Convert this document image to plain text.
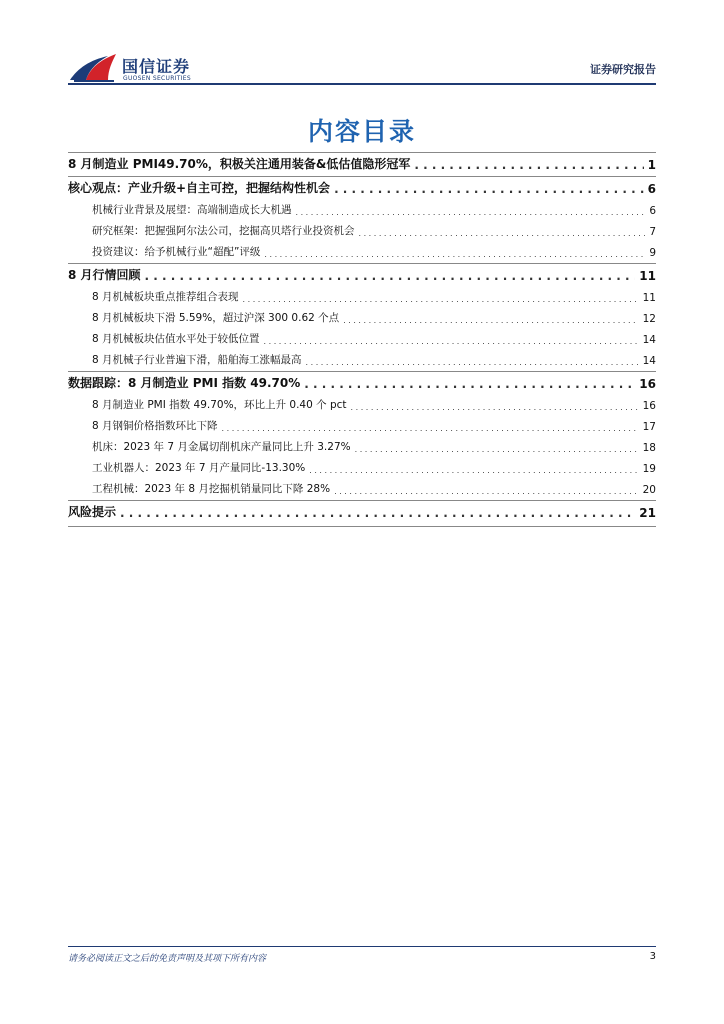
国信证券
GUOSEN SECURITIES
证券研究报告
内容目录
8 月制造业 PMI49.70%，积极关注通用装备&低估值隐形冠军 . . .	1
核心观点：产业升级+自主可控，把握结构性机会 . . .	6
机械行业背景及展望：高端制造成长大机遇 . . .	6
研究框架：把握强阿尔法公司，挖掘高贝塔行业投资机会 . . .	7
投资建议：给予机械行业“超配”评级 . . .	9
8 月行情回顾 . . .	11
8 月机械板块重点推荐组合表现 . . .	11
8 月机械板块下滑 5.59%，超过沪深 300 0.62 个点 . . .	12
8 月机械板块估值水平处于较低位置 . . .	14
8 月机械子行业普遍下滑，船舶海工涨幅最高 . . .	14
数据跟踪：8 月制造业 PMI 指数 49.70% . . .	16
8 月制造业 PMI 指数 49.70%，环比上升 0.40 个 pct . . .	16
8 月钢铜价格指数环比下降 . . .	17
机床：2023 年 7 月金属切削机床产量同比上升 3.27% . . .	18
工业机器人：2023 年 7 月产量同比-13.30% . . .	19
工程机械：2023 年 8 月挖掘机销量同比下降 28% . . .	20
风险提示 . . .	21
请务必阅读正文之后的免责声明及其项下所有内容	3
